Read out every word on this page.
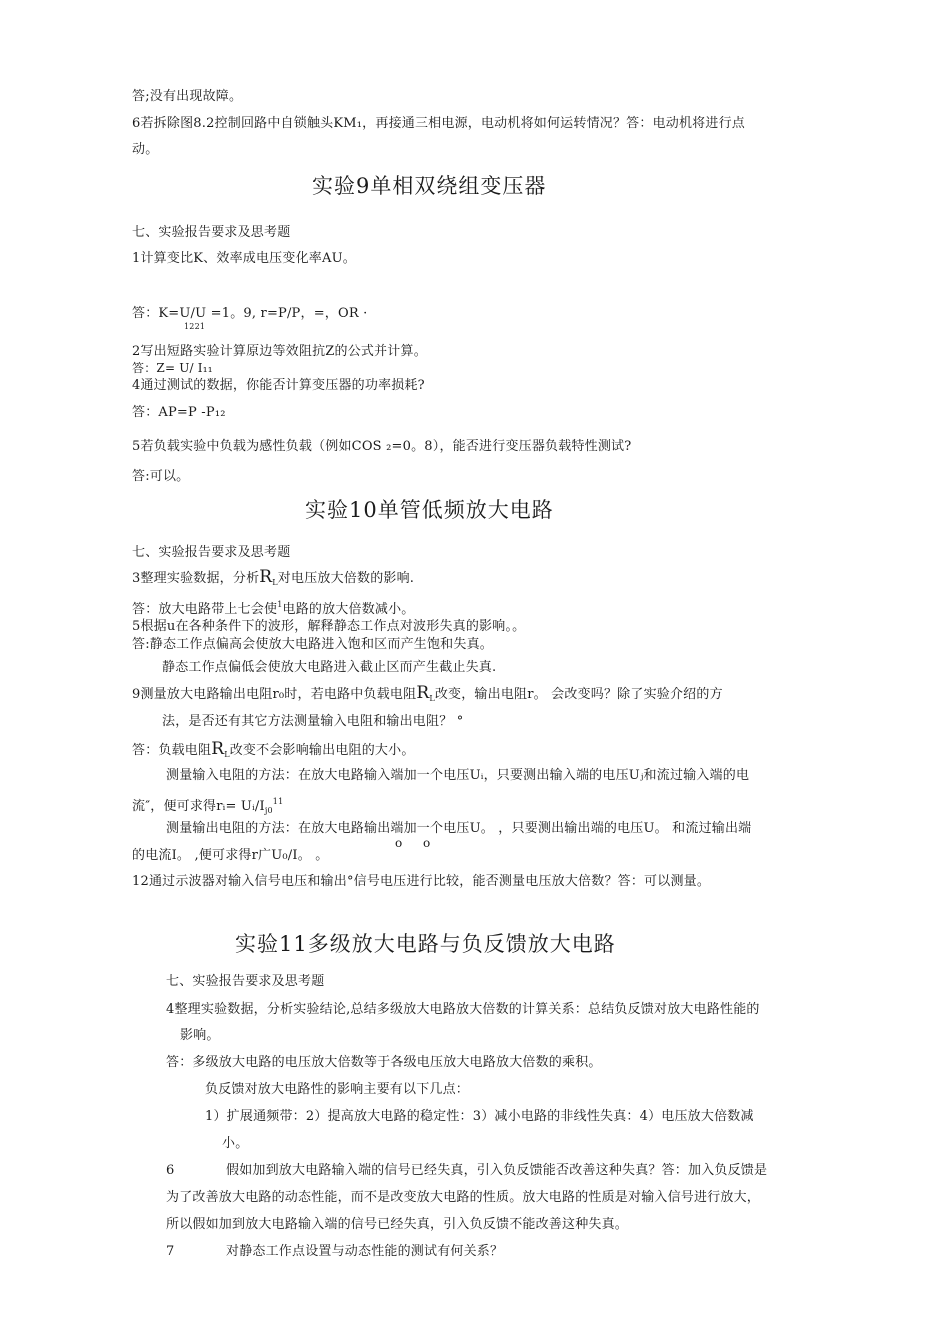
答;没有出现故障。
6若拆除图8.2控制回路中自锁触头KM₁，再接通三相电源，电动机将如何运转情况？答：电动机将进行点
动。
实验9单相双绕组变压器
七、实验报告要求及思考题
1计算变比K、效率成电压变化率AU。
答：K=U/U =1。9, r=P/P，=，OR ·
1221
2写出短路实验计算原边等效阻抗Z的公式并计算。
答：Z= U/ I₁₁
4通过测试的数据，你能否计算变压器的功率损耗?
答：AP=P -P₁₂
5若负载实验中负载为感性负载（例如COS ₂=0。8），能否进行变压器负载特性测试?
答:可以。
实验10单管低频放大电路
七、实验报告要求及思考题
3整理实验数据，分析$R_L$对电压放大倍数的影响.
答：放大电路带上七会使$^1$电路的放大倍数减小。
5根据u在各种条件下的波形，解释静态工作点对波形失真的影响。。
答:静态工作点偏高会使放大电路进入饱和区而产生饱和失真。
静态工作点偏低会使放大电路进入截止区而产生截止失真.
9测量放大电路输出电阻r₀时，若电路中负载电阻$R_L$改变，输出电阻r。 会改变吗？除了实验介绍的方
法，是否还有其它方法测量输入电阻和输出电阻？ °
答：负载电阻$R_L$改变不会影响输出电阻的大小。
测量输入电阻的方法：在放大电路输入端加一个电压Uᵢ，只要测出输入端的电压Uⱼ和流过输入端的电
流″，便可求得rᵢ= $Uᵢ/I_{j0}^{11}$
测量输出电阻的方法：在放大电路输出端加一个电压U。 ，只要测出输出端的电压U。 和流过输出端
o o
的电流I。 ,便可求得r广U₀/I。 。
12通过示波器对输入信号电压和输出°信号电压进行比较，能否测量电压放大倍数？答：可以测量。
实验11多级放大电路与负反馈放大电路
七、实验报告要求及思考题
4整理实验数据，分析实验结论,总结多级放大电路放大倍数的计算关系：总结负反馈对放大电路性能的
影响。
答：多级放大电路的电压放大倍数等于各级电压放大电路放大倍数的乘积。
负反馈对放大电路性的影响主要有以下几点：
1）扩展通频带：2）提高放大电路的稳定性：3）减小电路的非线性失真：4）电压放大倍数减
小。
6	假如加到放大电路输入端的信号已经失真，引入负反馈能否改善这种失真？答：加入负反馈是
为了改善放大电路的动态性能，而不是改变放大电路的性质。放大电路的性质是对输入信号进行放大，
所以假如加到放大电路输入端的信号已经失真，引入负反馈不能改善这种失真。
7	对静态工作点设置与动态性能的测试有何关系？
